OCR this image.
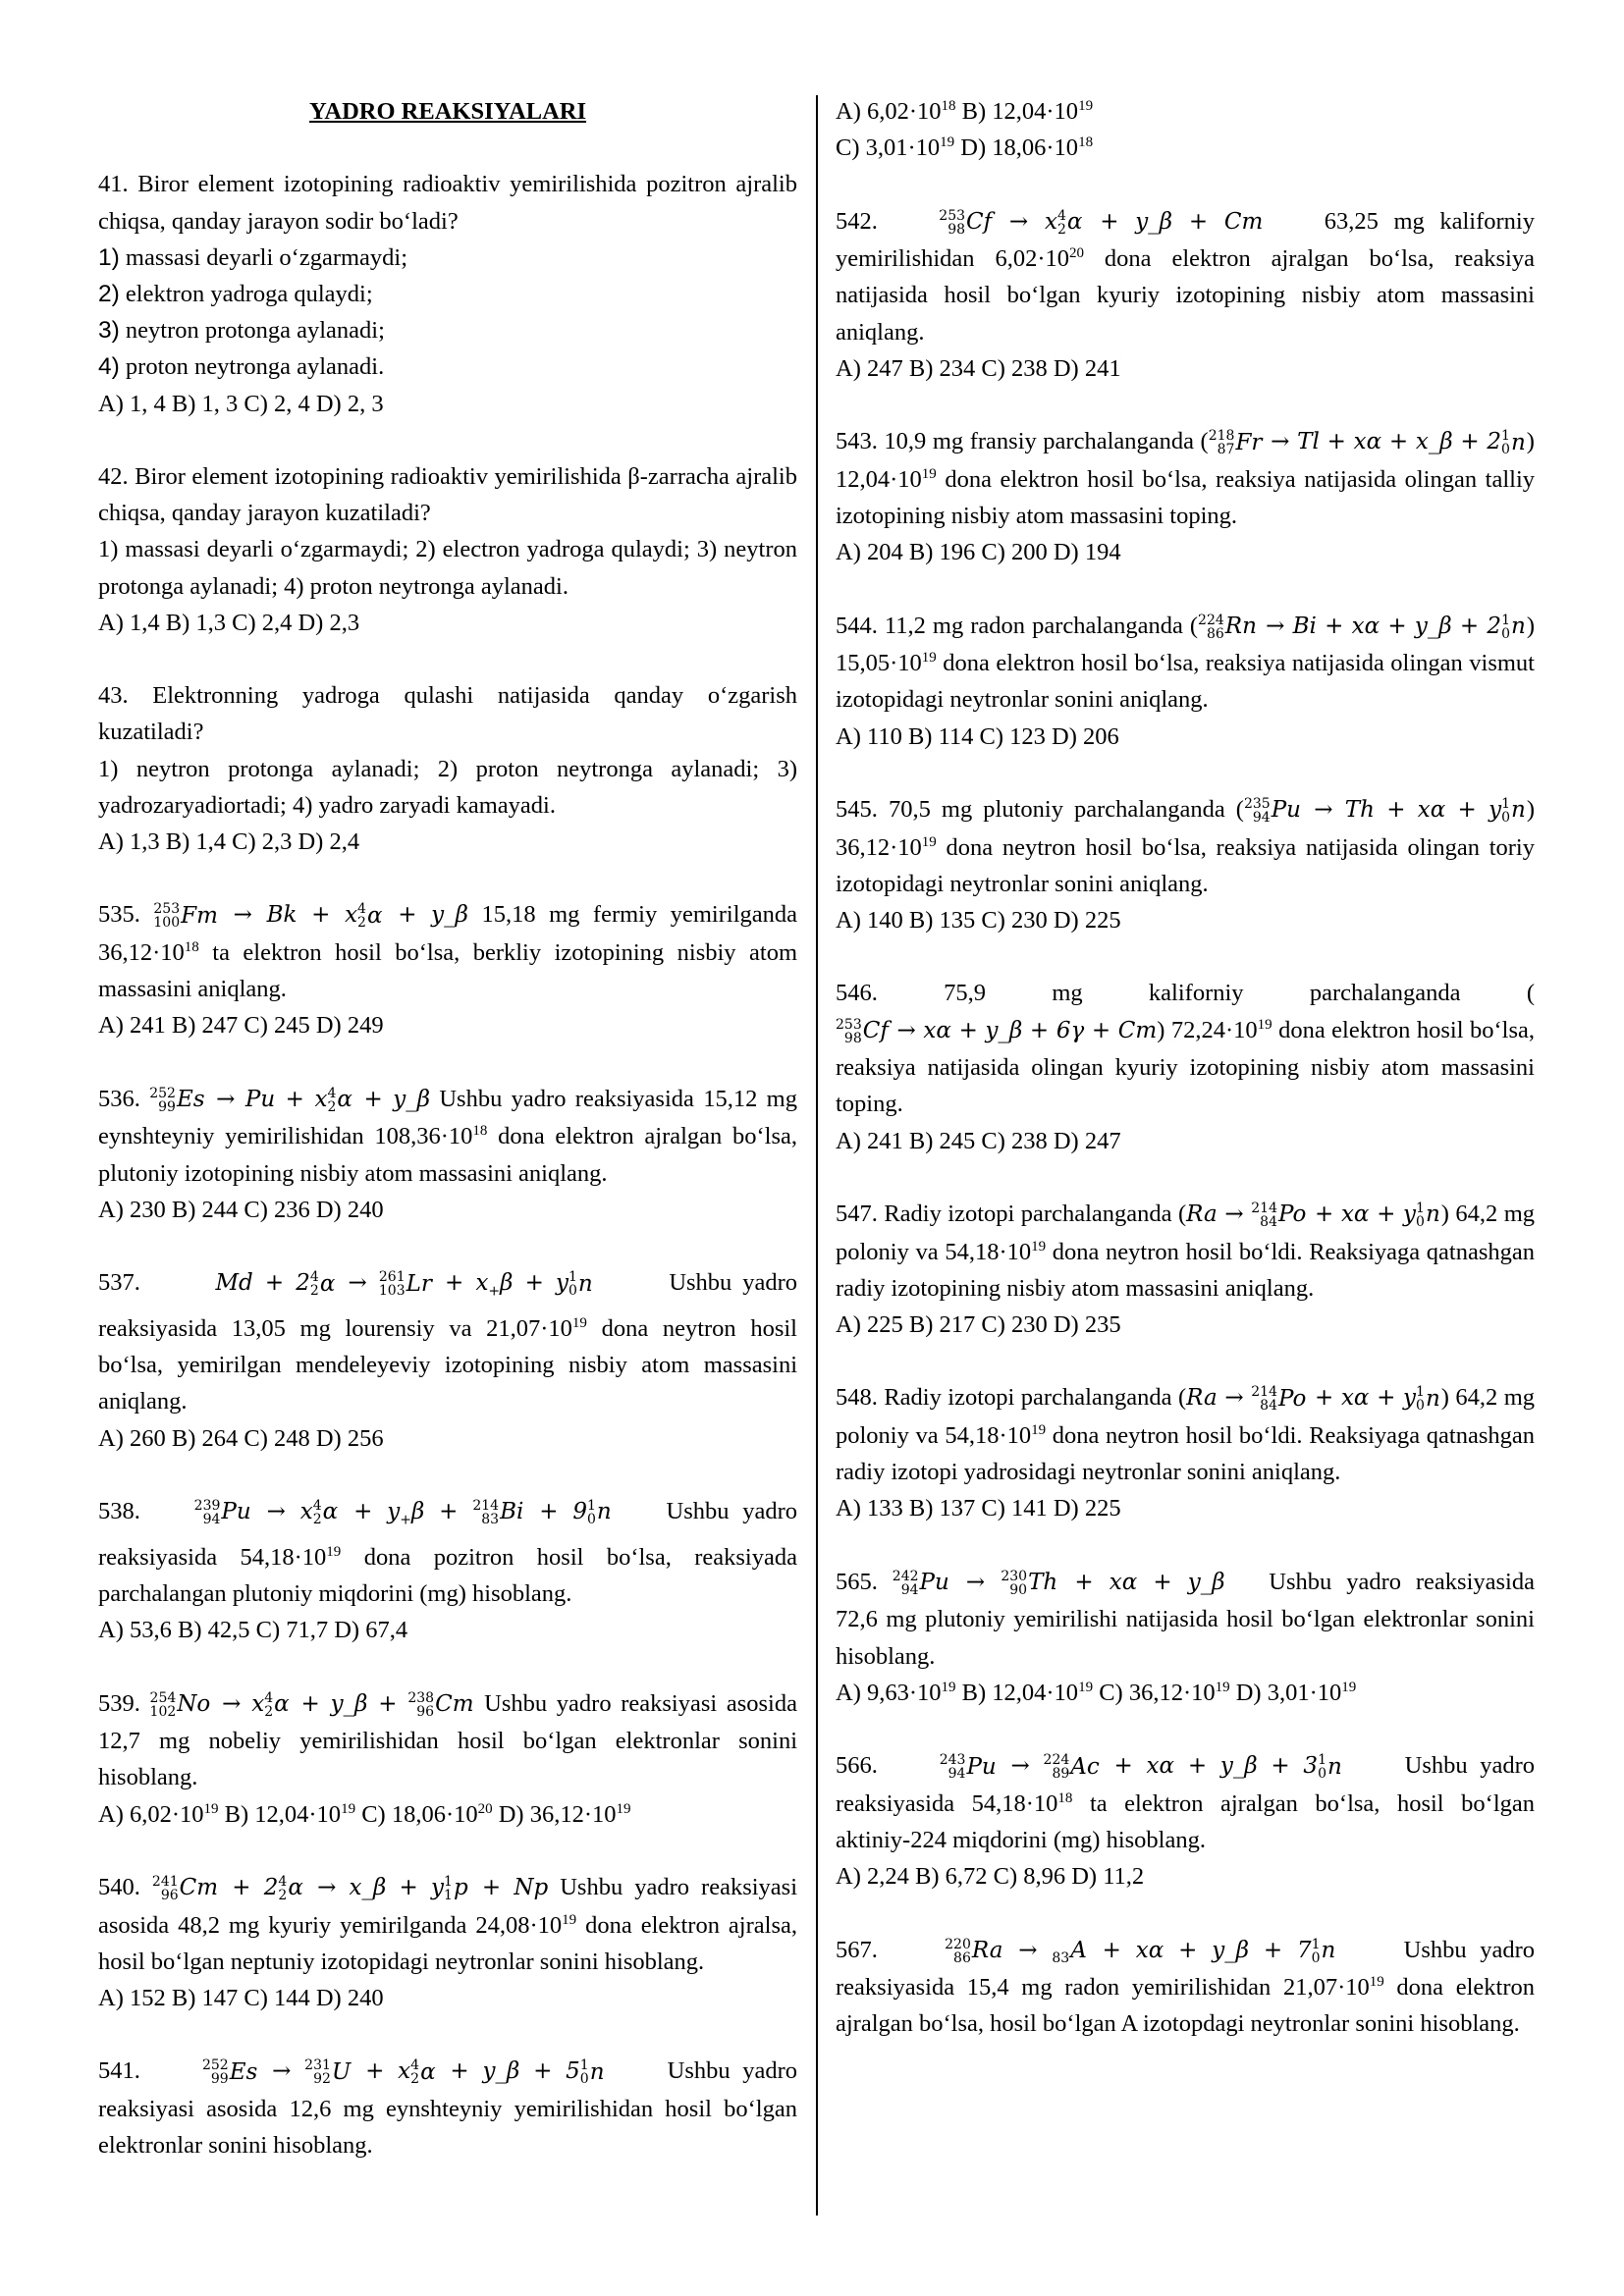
YADRO REAKSIYALARI

41. Biror element izotopining radioaktiv yemirilishida pozitron ajralib chiqsa, qanday jarayon sodir bo‘ladi?

1) massasi deyarli o‘zgarmaydi;

2) elektron yadroga qulaydi;

3) neytron protonga aylanadi;

4) proton neytronga aylanadi.

A) 1, 4 B) 1, 3 C) 2, 4 D) 2, 3

42. Biror element izotopining radioaktiv yemirilishida β-zarracha ajralib chiqsa, qanday jarayon kuzatiladi?

1) massasi deyarli o‘zgarmaydi; 2) electron yadroga qulaydi; 3) neytron protonga aylanadi; 4) proton neytronga aylanadi.

A) 1,4 B) 1,3 C) 2,4 D) 2,3

43. Elektronning yadroga qulashi natijasida qanday o‘zgarish kuzatiladi?

1) neytron protonga aylanadi; 2) proton neytronga aylanadi; 3) yadrozaryadiortadi; 4) yadro zaryadi kamayadi.

A) 1,3 B) 1,4 C) 2,3 D) 2,4

535. 253
100 Fm → Bk + x 4
2 α + y_β 15,18 mg fermiy yemirilganda $36,12\cdot 10^{18}$ ta elektron hosil bo‘lsa, berkliy izotopining nisbiy atom massasini aniqlang.

A) 241 B) 247 C) 245 D) 249

536. 252
99 Es → Pu + x 4
2 α + y_β Ushbu yadro reaksiyasida 15,12 mg eynshteyniy yemirilishidan $108,36\cdot 10^{18}$ dona elektron ajralgan bo‘lsa, plutoniy izotopining nisbiy atom massasini aniqlang.

A) 230 B) 244 C) 236 D) 240

537.	Md + 2 4
2 α → 261
103 $Lr + x_+\beta + y$ 1
0 n	Ushbu yadro

reaksiyasida 13,05 mg lourensiy va $21,07\cdot 10^{19}$ dona neytron hosil bo‘lsa, yemirilgan mendeleyeviy izotopining nisbiy atom massasini aniqlang.

A) 260 B) 264 C) 248 D) 256

538.	239
94 Pu → x 4
2 $\alpha + y_+\beta + 214$
83 Bi + 9 1
0 n Ushbu yadro

reaksiyasida $54,18\cdot 10^{19}$ dona pozitron hosil bo‘lsa, reaksiyada parchalangan plutoniy miqdorini (mg) hisoblang.

A) 53,6 B) 42,5 C) 71,7 D) 67,4

539. 254
102 No → x 4
2 α + y_β + 238
96 Cm Ushbu yadro reaksiyasi asosida 12,7 mg nobeliy yemirilishidan hosil bo‘lgan elektronlar sonini hisoblang.

A) $6,02\cdot 10^{19}$ B) $12,04\cdot 10^{19}$ C) $18,06\cdot 10^{20}$ D) $36,12\cdot 10^{19}$

540. 241
96 Cm + 2 4
2 α → x_β + y 1
1 p + Np Ushbu yadro reaksiyasi asosida 48,2 mg kyuriy yemirilganda $24,08\cdot 10^{19}$ dona elektron ajralsa, hosil bo‘lgan neptuniy izotopidagi neytronlar sonini hisoblang.

A) 152 B) 147 C) 144 D) 240

541.	252
99 Es → 231
92 U + x 4
2 α + y_β + 5 1
0 n	Ushbu yadro

reaksiyasi asosida 12,6 mg eynshteyniy yemirilishidan hosil bo‘lgan elektronlar sonini hisoblang.

A) $6,02\cdot 10^{18}$ B) $12,04\cdot 10^{19}$

C) $3,01\cdot 10^{19}$ D) $18,06\cdot 10^{18}$

542.	253
98 Cf → x 4
2 α + y_β + Cm	63,25 mg kaliforniy

yemirilishidan $6,02\cdot 10^{20}$ dona elektron ajralgan bo‘lsa, reaksiya natijasida hosil bo‘lgan kyuriy izotopining nisbiy atom massasini aniqlang.

A) 247 B) 234 C) 238 D) 241

543. 10,9 mg fransiy parchalanganda ( 218
87 Fr → Tl + xα + x_β + 2 1
0 n ) $12,04\cdot 10^{19}$ dona elektron hosil bo‘lsa, reaksiya natijasida olingan talliy izotopining nisbiy atom massasini toping.

A) 204 B) 196 C) 200 D) 194

544. 11,2 mg radon parchalanganda ( 224
86 Rn → Bi + xα + y_β + 2 1
0 n ) $15,05\cdot 10^{19}$ dona elektron hosil bo‘lsa, reaksiya natijasida olingan vismut izotopidagi neytronlar sonini aniqlang.

A) 110 B) 114 C) 123 D) 206

545. 70,5 mg plutoniy parchalanganda ( 235
94 Pu → Th + xα + y 1
0 n ) $36,12\cdot 10^{19}$ dona neytron hosil bo‘lsa, reaksiya natijasida olingan toriy izotopidagi neytronlar sonini aniqlang.

A) 140 B) 135 C) 230 D) 225

546. 75,9 mg kaliforniy parchalanganda (
253
98 Cf → xα + y_β + 6γ + Cm) $72,24\cdot 10^{19}$ dona elektron hosil bo‘lsa, reaksiya natijasida olingan kyuriy izotopining nisbiy atom massasini toping.

A) 241 B) 245 C) 238 D) 247

547. Radiy izotopi parchalanganda (Ra → 214
84 Po + xα + y 1
0 n ) 64,2 mg poloniy va $54,18\cdot 10^{19}$ dona neytron hosil bo‘ldi. Reaksiyaga qatnashgan radiy izotopining nisbiy atom massasini aniqlang.

A) 225 B) 217 C) 230 D) 235

548. Radiy izotopi parchalanganda (Ra → 214
84 Po + xα + y 1
0 n ) 64,2 mg poloniy va $54,18\cdot 10^{19}$ dona neytron hosil bo‘ldi. Reaksiyaga qatnashgan radiy izotopi yadrosidagi neytronlar sonini aniqlang.

A) 133 B) 137 C) 141 D) 225

565. 242
94 Pu → 230
90 Th + xα + y_β Ushbu yadro reaksiyasida

72,6 mg plutoniy yemirilishi natijasida hosil bo‘lgan elektronlar sonini hisoblang.

A) $9,63\cdot 10^{19}$ B) $12,04\cdot 10^{19}$ C) $36,12\cdot 10^{19}$ D) $3,01\cdot 10^{19}$

566.	243
94 Pu → 224
89 Ac + xα + y_β + 3 1
0 n	Ushbu yadro

reaksiyasida $54,18\cdot 10^{18}$ ta elektron ajralgan bo‘lsa, hosil bo‘lgan aktiniy-224 miqdorini (mg) hisoblang.

A) 2,24 B) 6,72 C) 8,96 D) 11,2

567.	220
86 Ra →
83 A + xα + y_β + 7 1
0 n	Ushbu yadro

reaksiyasida 15,4 mg radon yemirilishidan $21,07\cdot 10^{19}$ dona elektron ajralgan bo‘lsa, hosil bo‘lgan A izotopdagi neytronlar sonini hisoblang.
